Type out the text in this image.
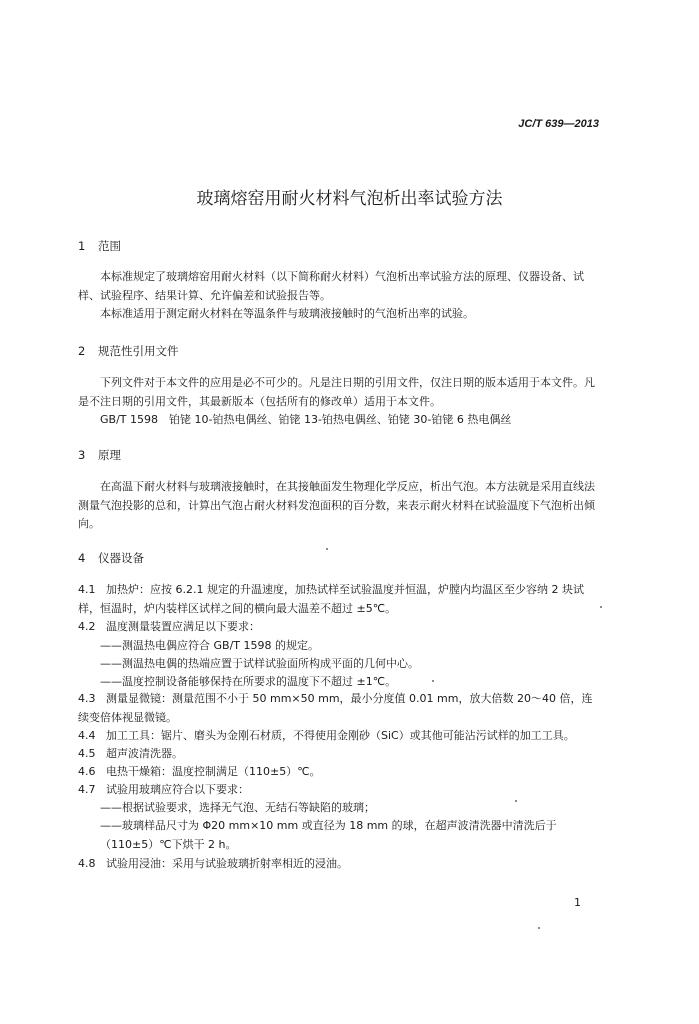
JC/T 639—2013
玻璃熔窑用耐火材料气泡析出率试验方法
1 范围
本标准规定了玻璃熔窑用耐火材料（以下简称耐火材料）气泡析出率试验方法的原理、仪器设备、试样、试验程序、结果计算、允许偏差和试验报告等。
本标准适用于测定耐火材料在等温条件与玻璃液接触时的气泡析出率的试验。
2 规范性引用文件
下列文件对于本文件的应用是必不可少的。凡是注日期的引用文件，仅注日期的版本适用于本文件。凡是不注日期的引用文件，其最新版本（包括所有的修改单）适用于本文件。
GB/T 1598　铂铑 10-铂热电偶丝、铂铑 13-铂热电偶丝、铂铑 30-铂铑 6 热电偶丝
3 原理
在高温下耐火材料与玻璃液接触时，在其接触面发生物理化学反应，析出气泡。本方法就是采用直线法测量气泡投影的总和，计算出气泡占耐火材料发泡面积的百分数，来表示耐火材料在试验温度下气泡析出倾向。
4 仪器设备
4.1 加热炉：应按 6.2.1 规定的升温速度，加热试样至试验温度并恒温，炉膛内均温区至少容纳 2 块试样，恒温时，炉内装样区试样之间的横向最大温差不超过 ±5℃。
4.2 温度测量装置应满足以下要求：
——测温热电偶应符合 GB/T 1598 的规定。
——测温热电偶的热端应置于试样试验面所构成平面的几何中心。
——温度控制设备能够保持在所要求的温度下不超过 ±1℃。
4.3 测量显微镜：测量范围不小于 50 mm×50 mm，最小分度值 0.01 mm，放大倍数 20～40 倍，连续变倍体视显微镜。
4.4 加工工具：锯片、磨头为金刚石材质，不得使用金刚砂（SiC）或其他可能沾污试样的加工工具。
4.5 超声波清洗器。
4.6 电热干燥箱：温度控制满足（110±5）℃。
4.7 试验用玻璃应符合以下要求：
——根据试验要求，选择无气泡、无结石等缺陷的玻璃；
——玻璃样品尺寸为 Φ20 mm×10 mm 或直径为 18 mm 的球，在超声波清洗器中清洗后于（110±5）℃下烘干 2 h。
4.8 试验用浸油：采用与试验玻璃折射率相近的浸油。
1
